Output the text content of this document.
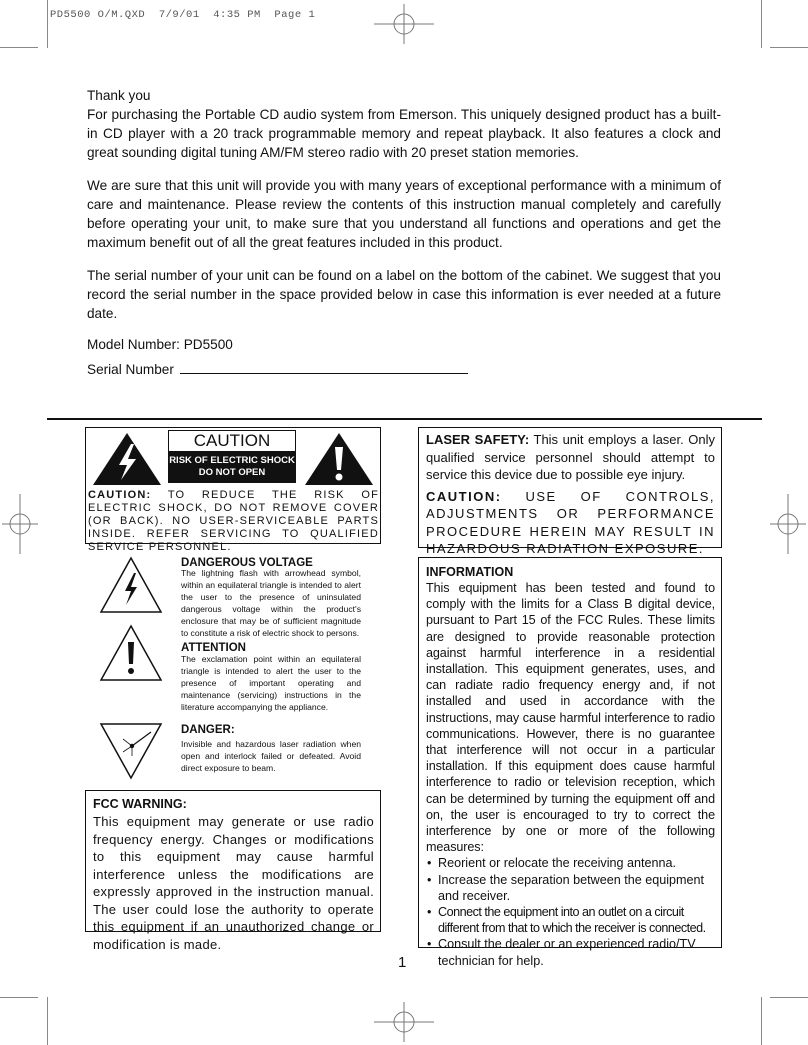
PD5500 O/M.QXD  7/9/01  4:35 PM  Page 1

Thank you

For purchasing the Portable CD audio system from Emerson. This uniquely designed product has a built-in CD player with a 20 track programmable memory and repeat playback. It also features a clock and great sounding digital tuning AM/FM stereo radio with 20 preset station memories.

We are sure that this unit will provide you with many years of exceptional performance with a minimum of care and maintenance. Please review the contents of this instruction manual completely and carefully before operating your unit, to make sure that you understand all functions and operations and get the maximum benefit out of all the great features included in this product.

The serial number of your unit can be found on a label on the bottom of the cabinet. We suggest that you record the serial number in the space provided below in case this information is ever needed at a future date.

Model Number: PD5500

Serial Number

CAUTION
RISK OF ELECTRIC SHOCK
DO NOT OPEN
CAUTION: TO REDUCE THE RISK OF ELECTRIC SHOCK, DO NOT REMOVE COVER (OR BACK). NO USER-SERVICEABLE PARTS INSIDE. REFER SERVICING TO QUALIFIED SERVICE PERSONNEL.
DANGEROUS VOLTAGE
The lightning flash with arrowhead symbol, within an equilateral triangle is intended to alert the user to the presence of uninsulated dangerous voltage within the product's enclosure that may be of sufficient magnitude to constitute a risk of electric shock to persons.
ATTENTION
The exclamation point within an equilateral triangle is intended to alert the user to the presence of important operating and maintenance (servicing) instructions in the literature accompanying the appliance.
DANGER:
Invisible and hazardous laser radiation when open and interlock failed or defeated. Avoid direct exposure to beam.
FCC WARNING:
This equipment may generate or use radio frequency energy. Changes or modifications to this equipment may cause harmful interference unless the modifications are expressly approved in the instruction manual. The user could lose the authority to operate this equipment if an unauthorized change or modification is made.
LASER SAFETY: This unit employs a laser. Only qualified service personnel should attempt to service this device due to possible eye injury.
CAUTION: USE OF CONTROLS, ADJUSTMENTS OR PERFORMANCE PROCEDURE HEREIN MAY RESULT IN HAZARDOUS RADIATION EXPOSURE.
INFORMATION
This equipment has been tested and found to comply with the limits for a Class B digital device, pursuant to Part 15 of the FCC Rules. These limits are designed to provide reasonable protection against harmful interference in a residential installation. This equipment generates, uses, and can radiate radio frequency energy and, if not installed and used in accordance with the instructions, may cause harmful interference to radio communications. However, there is no guarantee that interference will not occur in a particular installation. If this equipment does cause harmful interference to radio or television reception, which can be determined by turning the equipment off and on, the user is encouraged to try to correct the interference by one or more of the following measures:
• Reorient or relocate the receiving antenna.
• Increase the separation between the equipment and receiver.
• Connect the equipment into an outlet on a circuit different from that to which the receiver is connected.
• Consult the dealer or an experienced radio/TV technician for help.
1
